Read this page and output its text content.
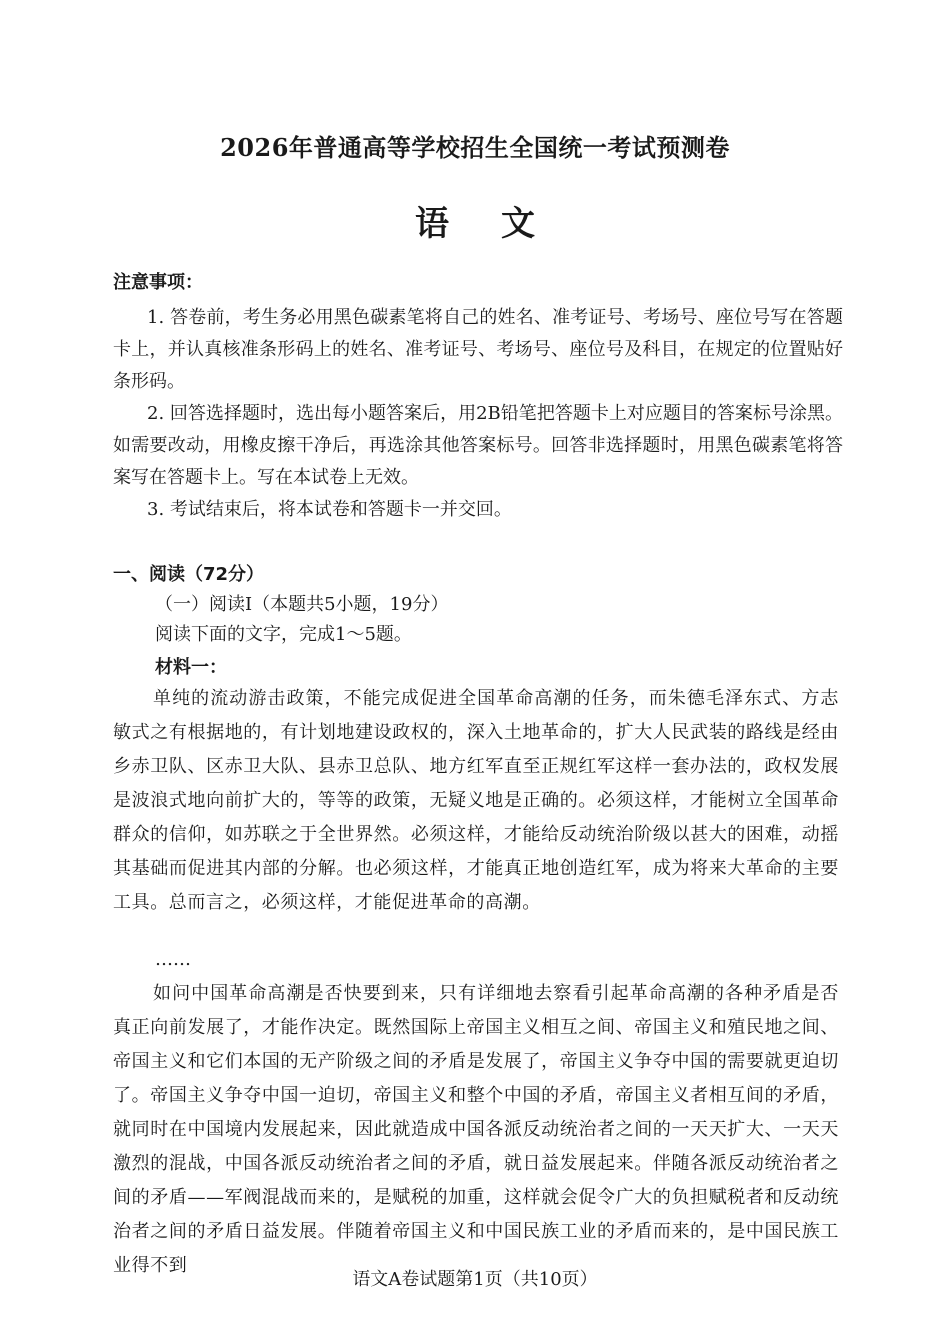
2026年普通高等学校招生全国统一考试预测卷
语文
注意事项：
1. 答卷前，考生务必用黑色碳素笔将自己的姓名、准考证号、考场号、座位号写在答题卡上，并认真核准条形码上的姓名、准考证号、考场号、座位号及科目，在规定的位置贴好条形码。
2. 回答选择题时，选出每小题答案后，用2B铅笔把答题卡上对应题目的答案标号涂黑。如需要改动，用橡皮擦干净后，再选涂其他答案标号。回答非选择题时，用黑色碳素笔将答案写在答题卡上。写在本试卷上无效。
3. 考试结束后，将本试卷和答题卡一并交回。
一、阅读（72分）
（一）阅读Ⅰ（本题共5小题，19分）
阅读下面的文字，完成1～5题。
材料一：
单纯的流动游击政策，不能完成促进全国革命高潮的任务，而朱德毛泽东式、方志敏式之有根据地的，有计划地建设政权的，深入土地革命的，扩大人民武装的路线是经由乡赤卫队、区赤卫大队、县赤卫总队、地方红军直至正规红军这样一套办法的，政权发展是波浪式地向前扩大的，等等的政策，无疑义地是正确的。必须这样，才能树立全国革命群众的信仰，如苏联之于全世界然。必须这样，才能给反动统治阶级以甚大的困难，动摇其基础而促进其内部的分解。也必须这样，才能真正地创造红军，成为将来大革命的主要工具。总而言之，必须这样，才能促进革命的高潮。
……
如问中国革命高潮是否快要到来，只有详细地去察看引起革命高潮的各种矛盾是否真正向前发展了，才能作决定。既然国际上帝国主义相互之间、帝国主义和殖民地之间、帝国主义和它们本国的无产阶级之间的矛盾是发展了，帝国主义争夺中国的需要就更迫切了。帝国主义争夺中国一迫切，帝国主义和整个中国的矛盾，帝国主义者相互间的矛盾，就同时在中国境内发展起来，因此就造成中国各派反动统治者之间的一天天扩大、一天天激烈的混战，中国各派反动统治者之间的矛盾，就日益发展起来。伴随各派反动统治者之间的矛盾——军阀混战而来的，是赋税的加重，这样就会促令广大的负担赋税者和反动统治者之间的矛盾日益发展。伴随着帝国主义和中国民族工业的矛盾而来的，是中国民族工业得不到
语文A卷试题第1页（共10页）
